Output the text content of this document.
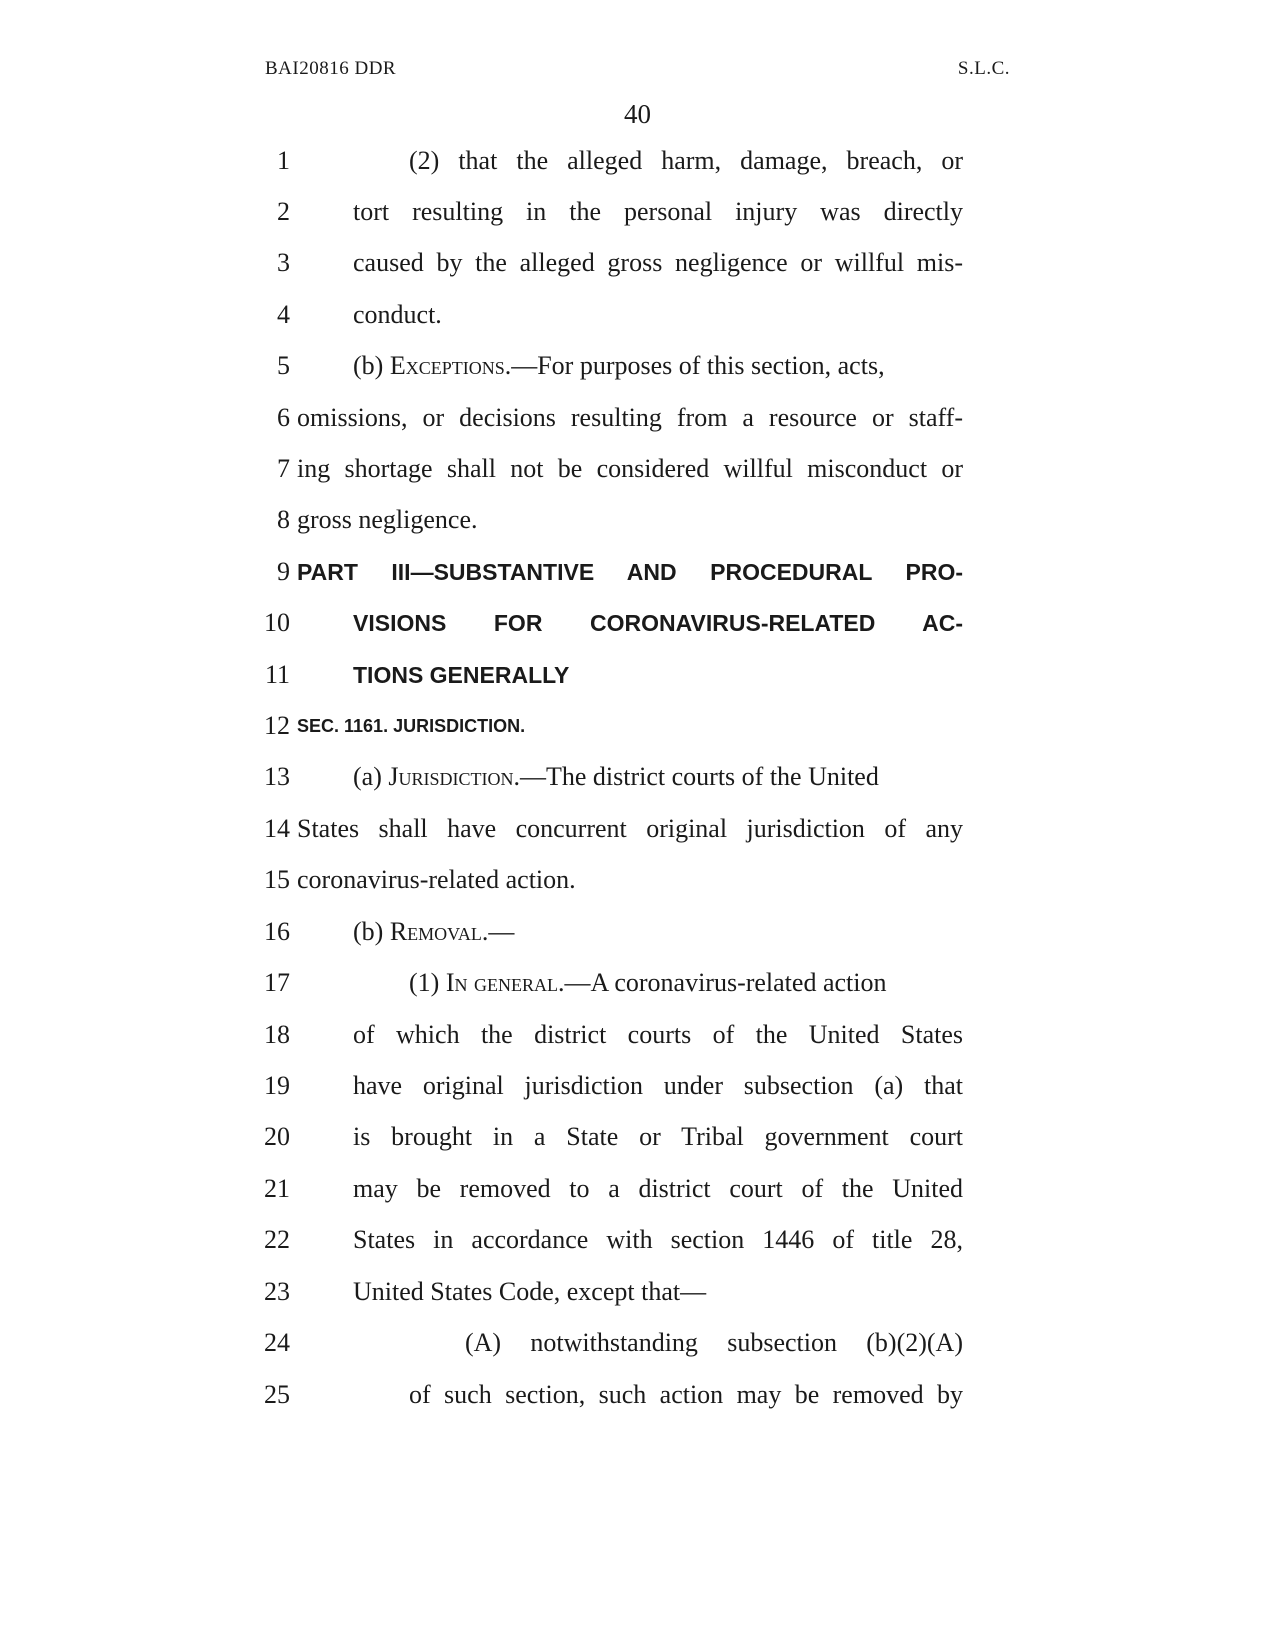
BAI20816 DDR	S.L.C.
40
1	(2) that the alleged harm, damage, breach, or
2 tort resulting in the personal injury was directly
3 caused by the alleged gross negligence or willful mis-
4 conduct.
5 (b) Exceptions.—For purposes of this section, acts,
6 omissions, or decisions resulting from a resource or staff-
7 ing shortage shall not be considered willful misconduct or
8 gross negligence.
9 PART III—SUBSTANTIVE AND PROCEDURAL PRO-
10	VISIONS FOR CORONAVIRUS-RELATED AC-
11	TIONS GENERALLY
12 SEC. 1161. JURISDICTION.
13 (a) Jurisdiction.—The district courts of the United
14 States shall have concurrent original jurisdiction of any
15 coronavirus-related action.
16 (b) Removal.—
17	(1) In general.—A coronavirus-related action
18 of which the district courts of the United States
19 have original jurisdiction under subsection (a) that
20 is brought in a State or Tribal government court
21 may be removed to a district court of the United
22 States in accordance with section 1446 of title 28,
23 United States Code, except that—
24	(A) notwithstanding subsection (b)(2)(A)
25	of such section, such action may be removed by
